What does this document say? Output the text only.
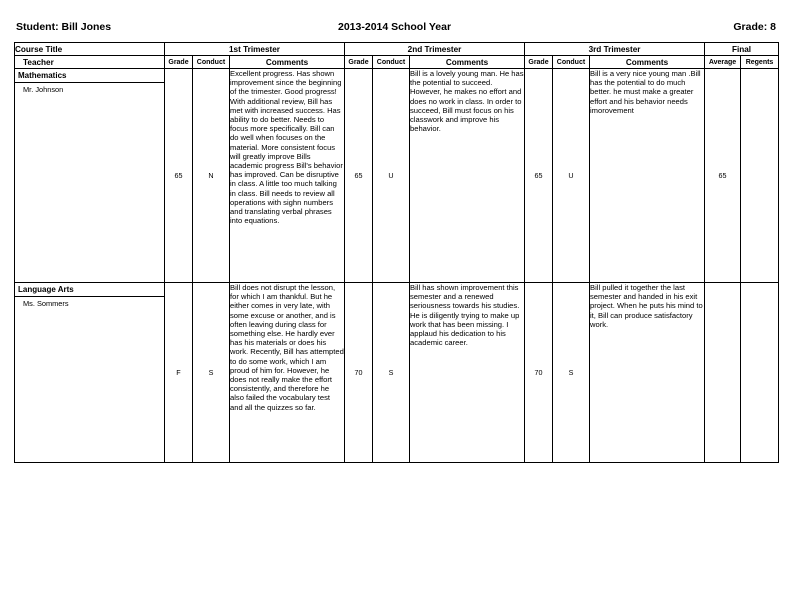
Student: Bill Jones	2013-2014 School Year	Grade: 8
Course Title	1st Trimester			2nd Trimester			3rd Trimester			Final	
Teacher	Grade	Conduct	Comments	Grade	Conduct	Comments	Grade	Conduct	Comments	Average	Regents

Mathematics
Mr. Johnson	65	N	Excellent progress. Has shown improvement since the beginning of the trimester. Good progress! With additional review, Bill has met with increased success. Has ability to do better. Needs to focus more specifically. Bill can do well when focuses on the material. More consistent focus will greatly improve Bills academic progress Bill's behavior has improved. Can be disruptive in class. A little too much talking in class. Bill needs to review all operations with sighn numbers and translating verbal phrases into equations.	65	U	Bill is a lovely young man. He has the potential to succeed. However, he makes no effort and does no work in class. In order to succeed, Bill must focus on his classwork and improve his behavior.	65	U	Bill is a very nice young man .Bill has the potential to do much better. he must make a greater effort and his behavior needs imorovement	65	

Language Arts
Ms. Sommers	F	S	Bill does not disrupt the lesson, for which I am thankful. But he either comes in very late, with some excuse or another, and is often leaving during class for something else. He hardly ever has his materials or does his work. Recently, Bill has attempted to do some work, which I am proud of him for. However, he does not really make the effort consistently, and therefore he also failed the vocabulary test and all the quizzes so far.	70	S	Bill has shown improvement this semester and a renewed seriousness towards his studies. He is diligently trying to make up work that has been missing. I applaud his dedication to his academic career.	70	S	Bill pulled it together the last semester and handed in his exit project. When he puts his mind to it, Bill can produce satisfactory work.		
